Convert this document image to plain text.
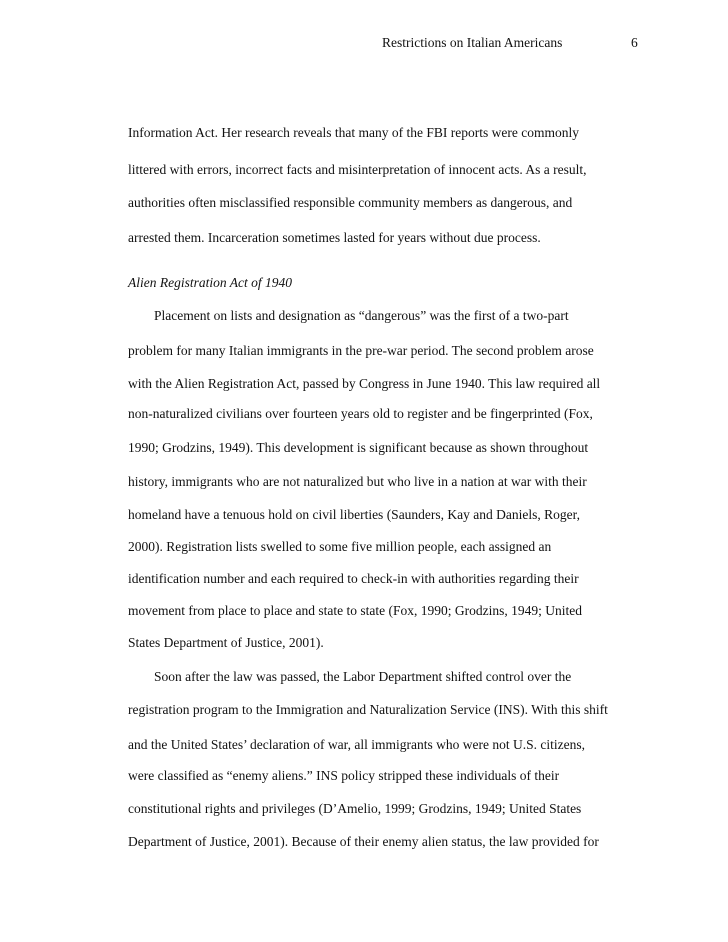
Restrictions on Italian Americans	6
Information Act. Her research reveals that many of the FBI reports were commonly
littered with errors, incorrect facts and misinterpretation of innocent acts. As a result,
authorities often misclassified responsible community members as dangerous, and
arrested them. Incarceration sometimes lasted for years without due process.
Alien Registration Act of 1940
Placement on lists and designation as “dangerous” was the first of a two-part
problem for many Italian immigrants in the pre-war period. The second problem arose
with the Alien Registration Act, passed by Congress in June 1940. This law required all
non-naturalized civilians over fourteen years old to register and be fingerprinted (Fox,
1990; Grodzins, 1949). This development is significant because as shown throughout
history, immigrants who are not naturalized but who live in a nation at war with their
homeland have a tenuous hold on civil liberties (Saunders, Kay and Daniels, Roger,
2000). Registration lists swelled to some five million people, each assigned an
identification number and each required to check-in with authorities regarding their
movement from place to place and state to state (Fox, 1990; Grodzins, 1949; United
States Department of Justice, 2001).
Soon after the law was passed, the Labor Department shifted control over the
registration program to the Immigration and Naturalization Service (INS). With this shift
and the United States’ declaration of war, all immigrants who were not U.S. citizens,
were classified as “enemy aliens.” INS policy stripped these individuals of their
constitutional rights and privileges (D’Amelio, 1999; Grodzins, 1949; United States
Department of Justice, 2001). Because of their enemy alien status, the law provided for
